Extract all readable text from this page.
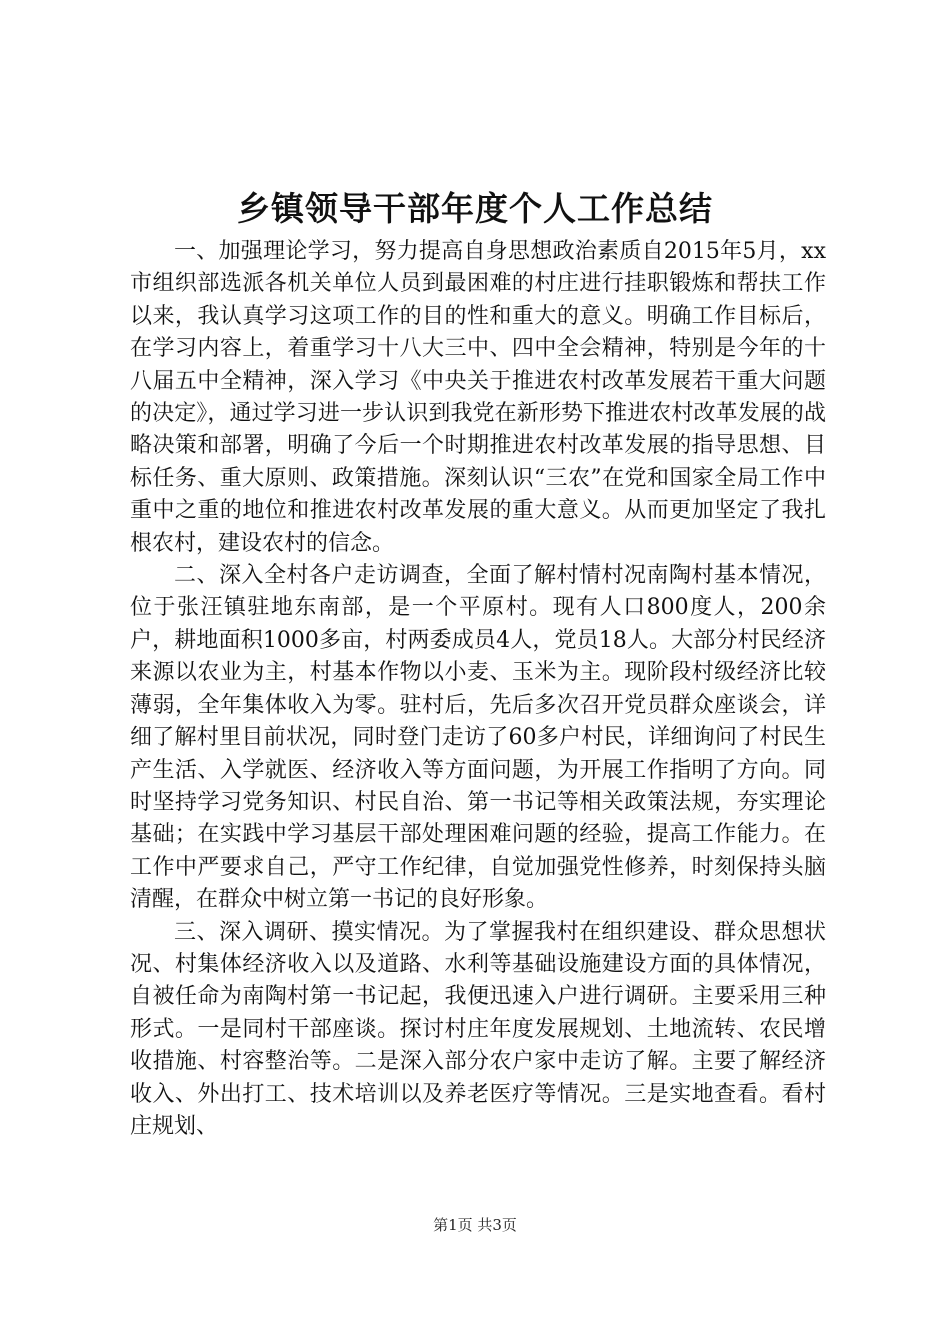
乡镇领导干部年度个人工作总结

一、加强理论学习，努力提高自身思想政治素质自2015年5月，xx市组织部选派各机关单位人员到最困难的村庄进行挂职锻炼和帮扶工作以来，我认真学习这项工作的目的性和重大的意义。明确工作目标后，在学习内容上，着重学习十八大三中、四中全会精神，特别是今年的十八届五中全精神，深入学习《中央关于推进农村改革发展若干重大问题的决定》，通过学习进一步认识到我党在新形势下推进农村改革发展的战略决策和部署，明确了今后一个时期推进农村改革发展的指导思想、目标任务、重大原则、政策措施。深刻认识“三农”在党和国家全局工作中重中之重的地位和推进农村改革发展的重大意义。从而更加坚定了我扎根农村，建设农村的信念。

二、深入全村各户走访调查，全面了解村情村况南陶村基本情况，位于张汪镇驻地东南部，是一个平原村。现有人口800度人，200余户，耕地面积1000多亩，村两委成员4人，党员18人。大部分村民经济来源以农业为主，村基本作物以小麦、玉米为主。现阶段村级经济比较薄弱，全年集体收入为零。驻村后，先后多次召开党员群众座谈会，详细了解村里目前状况，同时登门走访了60多户村民，详细询问了村民生产生活、入学就医、经济收入等方面问题，为开展工作指明了方向。同时坚持学习党务知识、村民自治、第一书记等相关政策法规，夯实理论基础；在实践中学习基层干部处理困难问题的经验，提高工作能力。在工作中严要求自己，严守工作纪律，自觉加强党性修养，时刻保持头脑清醒，在群众中树立第一书记的良好形象。

三、深入调研、摸实情况。为了掌握我村在组织建设、群众思想状况、村集体经济收入以及道路、水利等基础设施建设方面的具体情况，自被任命为南陶村第一书记起，我便迅速入户进行调研。主要采用三种形式。一是同村干部座谈。探讨村庄年度发展规划、土地流转、农民增收措施、村容整治等。二是深入部分农户家中走访了解。主要了解经济收入、外出打工、技术培训以及养老医疗等情况。三是实地查看。看村庄规划、

第1页 共3页
